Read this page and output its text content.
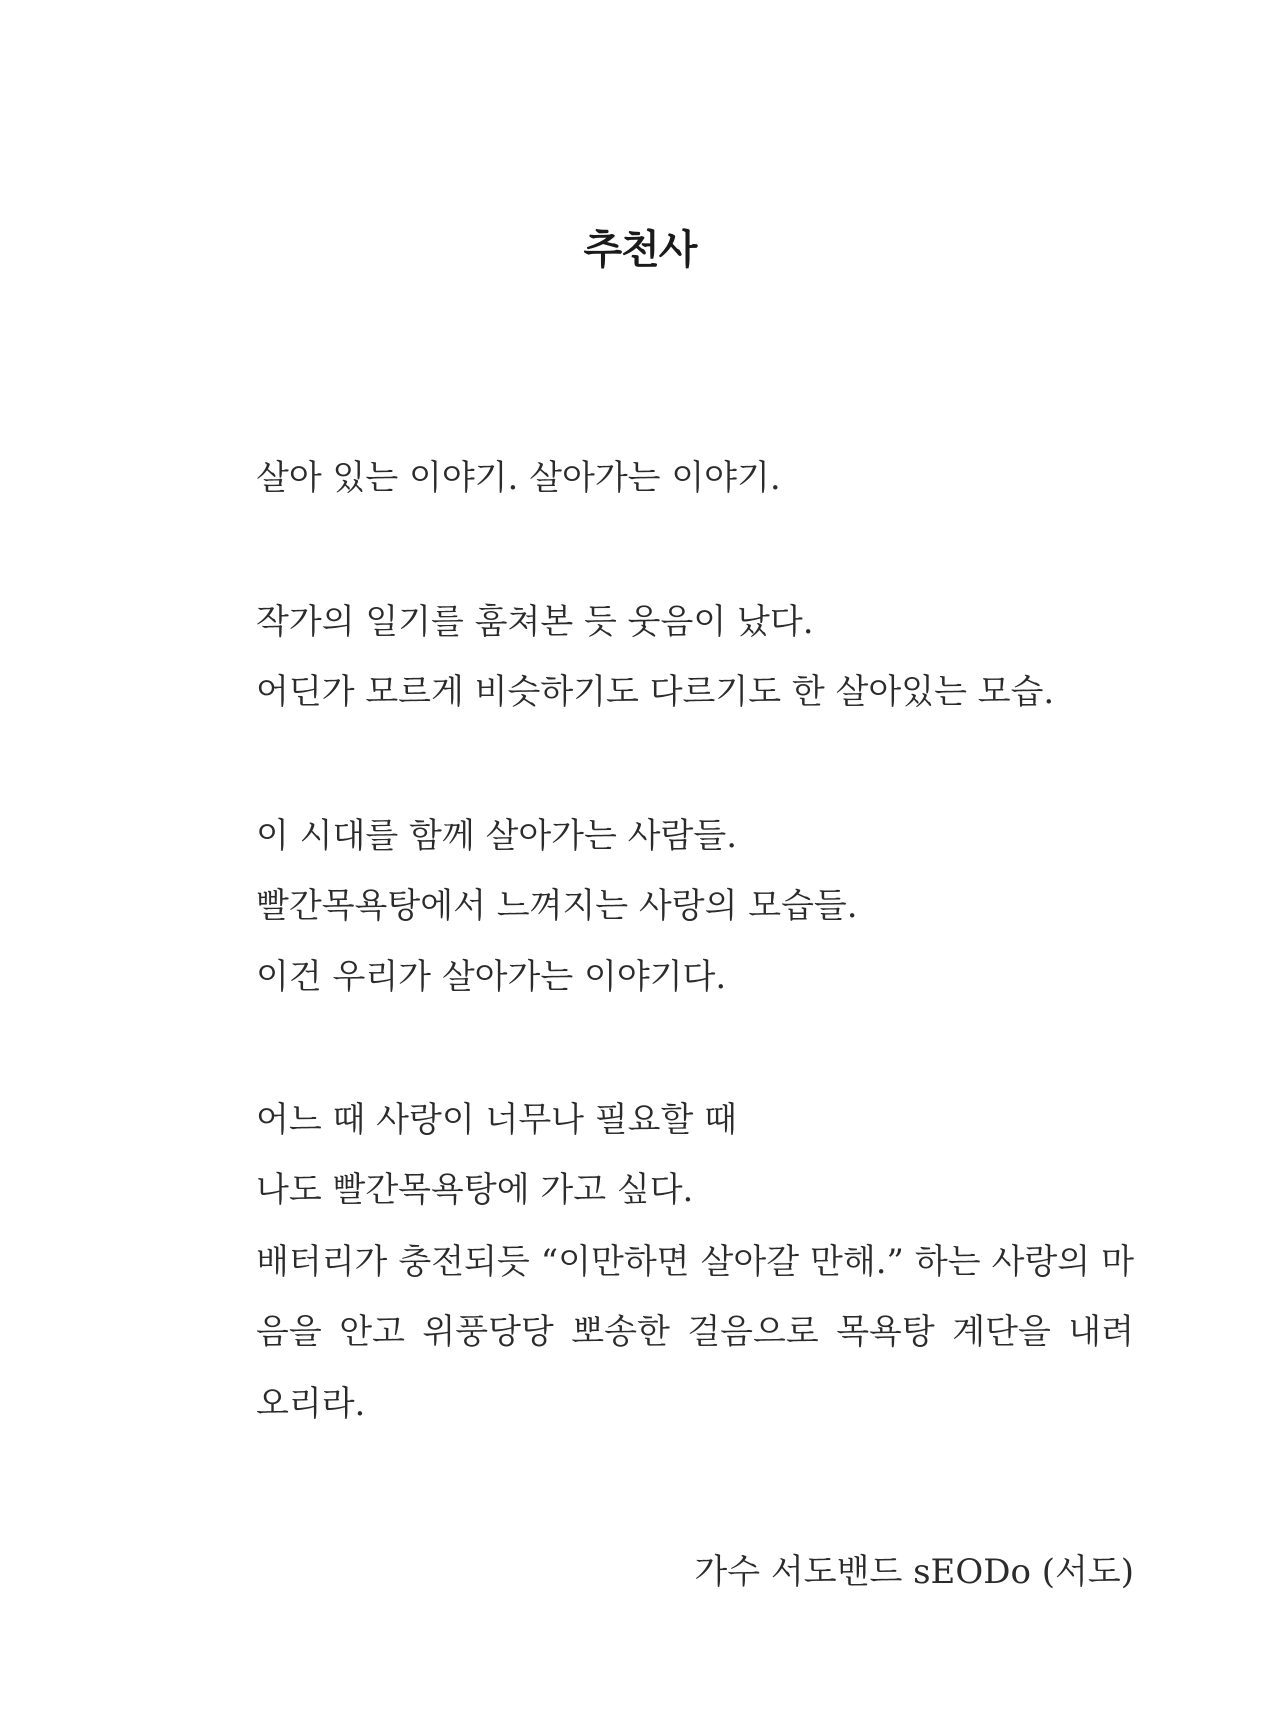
추천사
살아 있는 이야기. 살아가는 이야기.
작가의 일기를 훔쳐본 듯 웃음이 났다.
어딘가 모르게 비슷하기도 다르기도 한 살아있는 모습.
이 시대를 함께 살아가는 사람들.
빨간목욕탕에서 느껴지는 사랑의 모습들.
이건 우리가 살아가는 이야기다.
어느 때 사랑이 너무나 필요할 때
나도 빨간목욕탕에 가고 싶다.
배터리가 충전되듯 “이만하면 살아갈 만해.” 하는 사랑의 마
음을 안고 위풍당당 뽀송한 걸음으로 목욕탕 계단을 내려
오리라.
가수 서도밴드 sEODo (서도)
